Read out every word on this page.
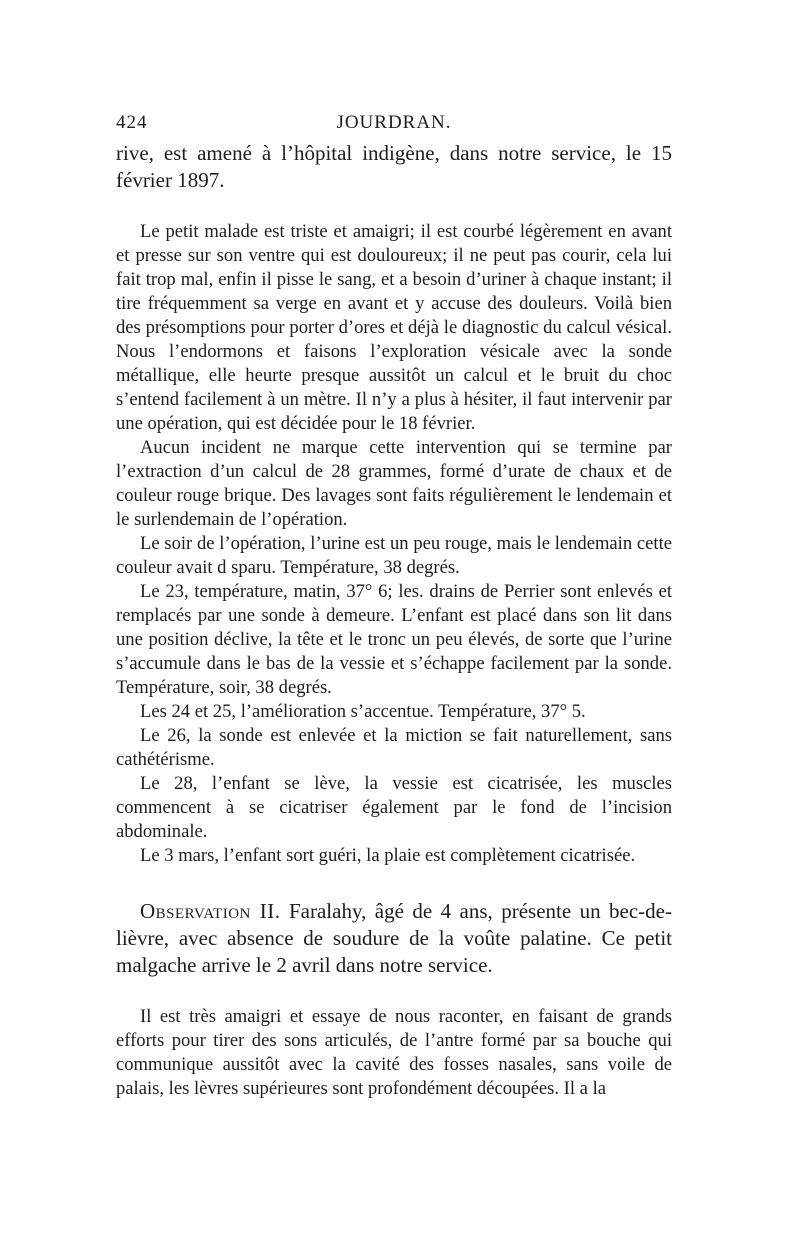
424	JOURDRAN.

rive, est amené à l’hôpital indigène, dans notre service, le 15 février 1897.

Le petit malade est triste et amaigri; il est courbé légèrement en avant et presse sur son ventre qui est douloureux; il ne peut pas courir, cela lui fait trop mal, enfin il pisse le sang, et a besoin d’uriner à chaque instant; il tire fréquemment sa verge en avant et y accuse des douleurs. Voilà bien des présomptions pour porter d’ores et déjà le diagnostic du calcul vésical. Nous l’endormons et faisons l’exploration vésicale avec la sonde métallique, elle heurte presque aussitôt un calcul et le bruit du choc s’entend facilement à un mètre. Il n’y a plus à hésiter, il faut intervenir par une opération, qui est décidée pour le 18 février.

Aucun incident ne marque cette intervention qui se termine par l’extraction d’un calcul de 28 grammes, formé d’urate de chaux et de couleur rouge brique. Des lavages sont faits régulièrement le lendemain et le surlendemain de l’opération.

Le soir de l’opération, l’urine est un peu rouge, mais le lendemain cette couleur avait d sparu. Température, 38 degrés.

Le 23, température, matin, 37° 6; les. drains de Perrier sont enlevés et remplacés par une sonde à demeure. L’enfant est placé dans son lit dans une position déclive, la tête et le tronc un peu élevés, de sorte que l’urine s’accumule dans le bas de la vessie et s’échappe facilement par la sonde. Température, soir, 38 degrés.

Les 24 et 25, l’amélioration s’accentue. Température, 37° 5.

Le 26, la sonde est enlevée et la miction se fait naturellement, sans cathétérisme.

Le 28, l’enfant se lève, la vessie est cicatrisée, les muscles commencent à se cicatriser également par le fond de l’incision abdominale.

Le 3 mars, l’enfant sort guéri, la plaie est complètement cicatrisée.

Observation II. Faralahy, âgé de 4 ans, présente un bec-de-lièvre, avec absence de soudure de la voûte palatine. Ce petit malgache arrive le 2 avril dans notre service.

Il est très amaigri et essaye de nous raconter, en faisant de grands efforts pour tirer des sons articulés, de l’antre formé par sa bouche qui communique aussitôt avec la cavité des fosses nasales, sans voile de palais, les lèvres supérieures sont profondément découpées. Il a la
